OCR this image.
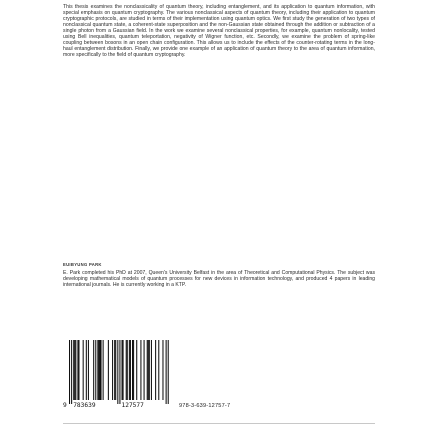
This thesis examines the nonclassicality of quantum theory, including entanglement, and its application to quantum information, with special emphasis on quantum cryptography. The various nonclassical aspects of quantum theory, including their application to quantum cryptographic protocols, are studied in terms of their implementation using quantum optics. We first study the generation of two types of nonclassical quantum state, a coherent-state superposition and the non-Gaussian state obtained through the addition or subtraction of a single photon from a Gaussian field. In the work we examine several nonclassical properties, for example, quantum nonlocality, tested using Bell inequalities, quantum teleportation, negativity of Wigner function, etc. Secondly, we examine the problem of spring-like coupling between bosons in an open chain configuration. This allows us to include the effects of the counter-rotating terms in the long-haul entanglement distribution. Finally, we provide one example of an application of quantum theory to the area of quantum information, more specifically to the field of quantum cryptography.
EUIBYUNG PARK
E. Park completed his PhD at 2007, Queen's University Belfast in the area of Theoretical and Computational Physics. The subject was developing mathematical models of quantum processes for new devices in information technology, and produced 4 papers in leading international journals. He is currently working in a KTP.
9 783639	127577	978-3-639-12757-7
